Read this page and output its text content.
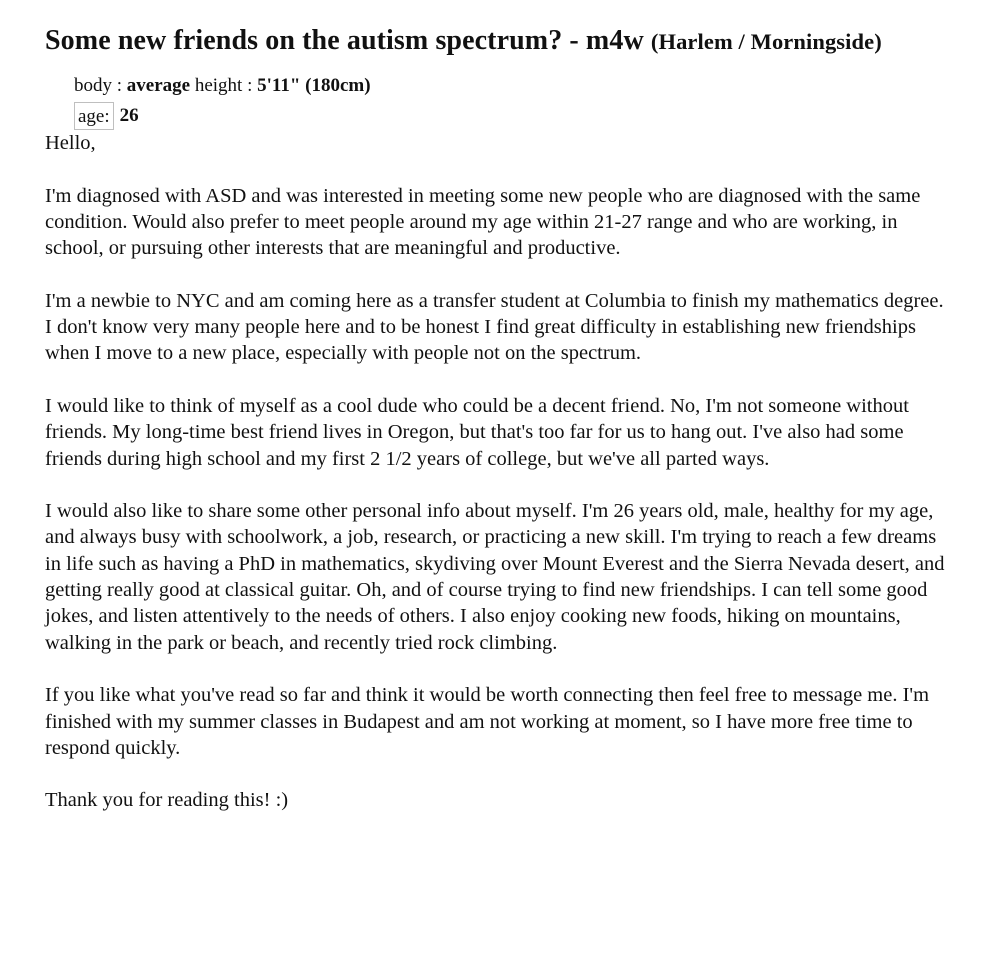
Some new friends on the autism spectrum? - m4w (Harlem / Morningside)
body : average height : 5'11" (180cm)
age: 26

Hello,

I'm diagnosed with ASD and was interested in meeting some new people who are diagnosed with the same condition. Would also prefer to meet people around my age within 21-27 range and who are working, in school, or pursuing other interests that are meaningful and productive.

I'm a newbie to NYC and am coming here as a transfer student at Columbia to finish my mathematics degree. I don't know very many people here and to be honest I find great difficulty in establishing new friendships when I move to a new place, especially with people not on the spectrum.

I would like to think of myself as a cool dude who could be a decent friend. No, I'm not someone without friends. My long-time best friend lives in Oregon, but that's too far for us to hang out. I've also had some friends during high school and my first 2 1/2 years of college, but we've all parted ways.

I would also like to share some other personal info about myself. I'm 26 years old, male, healthy for my age, and always busy with schoolwork, a job, research, or practicing a new skill. I'm trying to reach a few dreams in life such as having a PhD in mathematics, skydiving over Mount Everest and the Sierra Nevada desert, and getting really good at classical guitar. Oh, and of course trying to find new friendships. I can tell some good jokes, and listen attentively to the needs of others. I also enjoy cooking new foods, hiking on mountains, walking in the park or beach, and recently tried rock climbing.

If you like what you've read so far and think it would be worth connecting then feel free to message me. I'm finished with my summer classes in Budapest and am not working at moment, so I have more free time to respond quickly.

Thank you for reading this! :)
